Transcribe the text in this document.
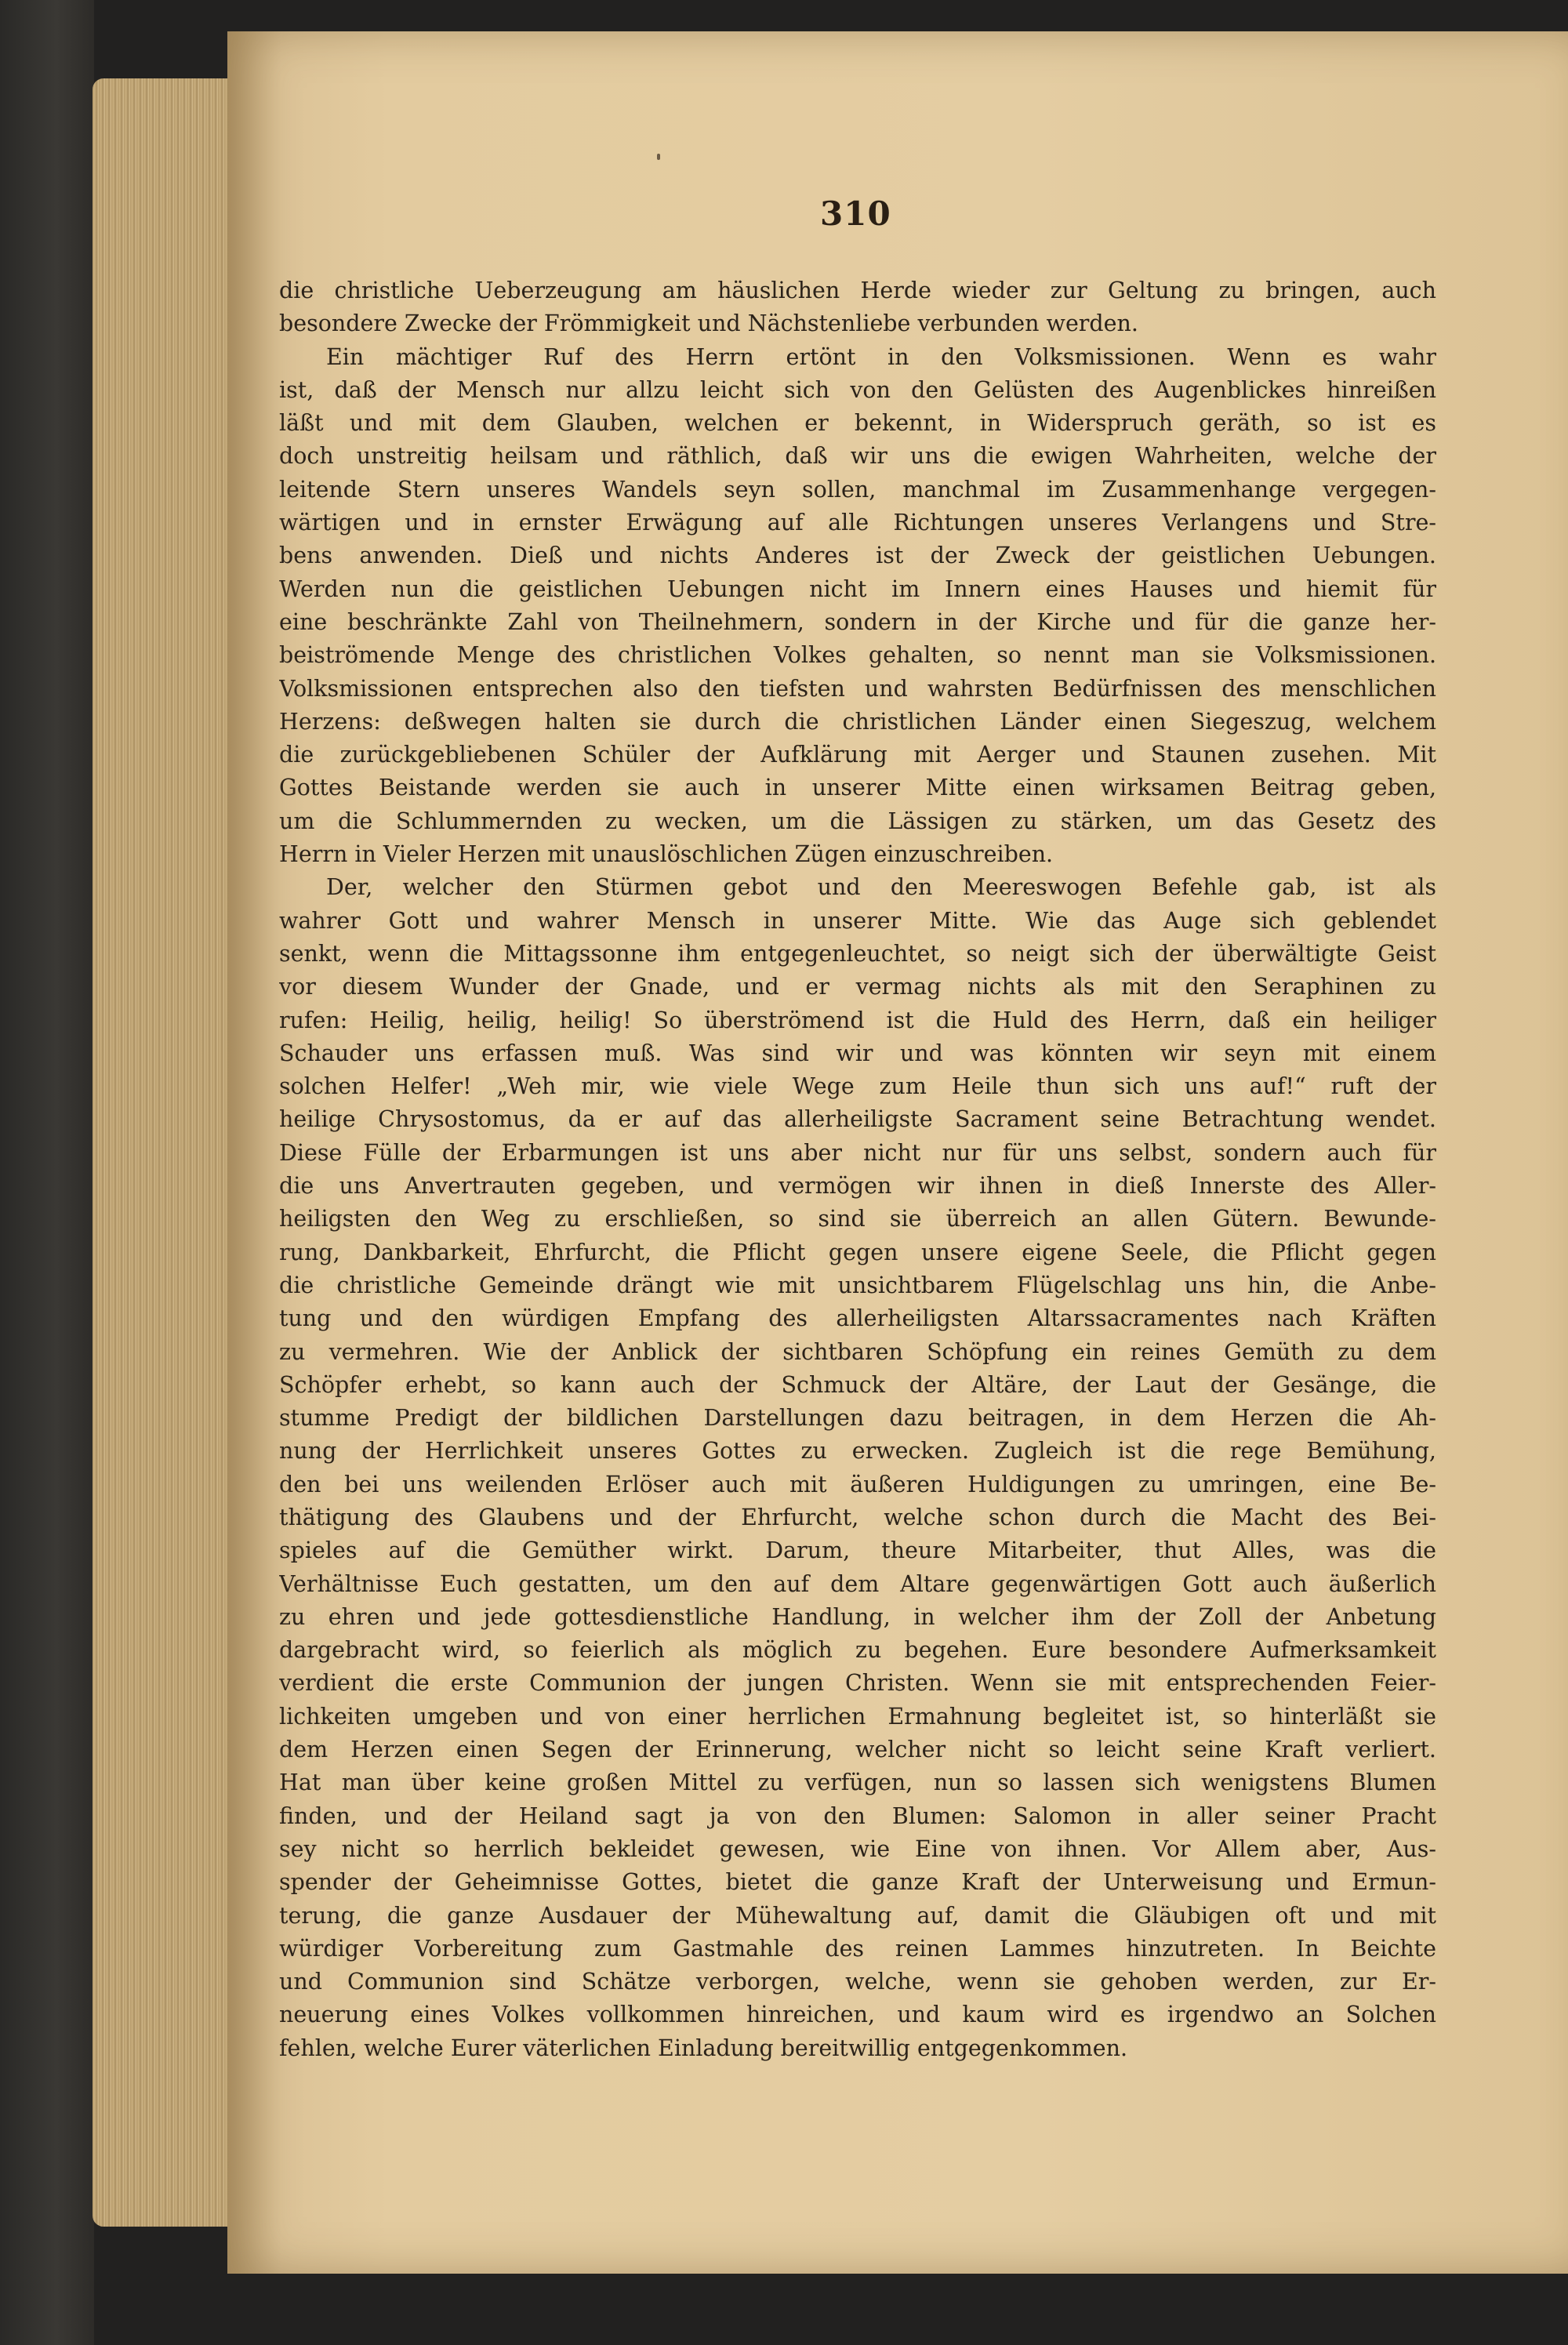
310
die christliche Ueberzeugung am häuslichen Herde wieder zur Geltung zu bringen, auch
besondere Zwecke der Frömmigkeit und Nächstenliebe verbunden werden.
Ein mächtiger Ruf des Herrn ertönt in den Volksmissionen. Wenn es wahr
ist, daß der Mensch nur allzu leicht sich von den Gelüsten des Augenblickes hinreißen
läßt und mit dem Glauben, welchen er bekennt, in Widerspruch geräth, so ist es
doch unstreitig heilsam und räthlich, daß wir uns die ewigen Wahrheiten, welche der
leitende Stern unseres Wandels seyn sollen, manchmal im Zusammenhange vergegen-
wärtigen und in ernster Erwägung auf alle Richtungen unseres Verlangens und Stre-
bens anwenden. Dieß und nichts Anderes ist der Zweck der geistlichen Uebungen.
Werden nun die geistlichen Uebungen nicht im Innern eines Hauses und hiemit für
eine beschränkte Zahl von Theilnehmern, sondern in der Kirche und für die ganze her-
beiströmende Menge des christlichen Volkes gehalten, so nennt man sie Volksmissionen.
Volksmissionen entsprechen also den tiefsten und wahrsten Bedürfnissen des menschlichen
Herzens: deßwegen halten sie durch die christlichen Länder einen Siegeszug, welchem
die zurückgebliebenen Schüler der Aufklärung mit Aerger und Staunen zusehen. Mit
Gottes Beistande werden sie auch in unserer Mitte einen wirksamen Beitrag geben,
um die Schlummernden zu wecken, um die Lässigen zu stärken, um das Gesetz des
Herrn in Vieler Herzen mit unauslöschlichen Zügen einzuschreiben.
Der, welcher den Stürmen gebot und den Meereswogen Befehle gab, ist als
wahrer Gott und wahrer Mensch in unserer Mitte. Wie das Auge sich geblendet
senkt, wenn die Mittagssonne ihm entgegenleuchtet, so neigt sich der überwältigte Geist
vor diesem Wunder der Gnade, und er vermag nichts als mit den Seraphinen zu
rufen: Heilig, heilig, heilig! So überströmend ist die Huld des Herrn, daß ein heiliger
Schauder uns erfassen muß. Was sind wir und was könnten wir seyn mit einem
solchen Helfer! „Weh mir, wie viele Wege zum Heile thun sich uns auf!“ ruft der
heilige Chrysostomus, da er auf das allerheiligste Sacrament seine Betrachtung wendet.
Diese Fülle der Erbarmungen ist uns aber nicht nur für uns selbst, sondern auch für
die uns Anvertrauten gegeben, und vermögen wir ihnen in dieß Innerste des Aller-
heiligsten den Weg zu erschließen, so sind sie überreich an allen Gütern. Bewunde-
rung, Dankbarkeit, Ehrfurcht, die Pflicht gegen unsere eigene Seele, die Pflicht gegen
die christliche Gemeinde drängt wie mit unsichtbarem Flügelschlag uns hin, die Anbe-
tung und den würdigen Empfang des allerheiligsten Altarssacramentes nach Kräften
zu vermehren. Wie der Anblick der sichtbaren Schöpfung ein reines Gemüth zu dem
Schöpfer erhebt, so kann auch der Schmuck der Altäre, der Laut der Gesänge, die
stumme Predigt der bildlichen Darstellungen dazu beitragen, in dem Herzen die Ah-
nung der Herrlichkeit unseres Gottes zu erwecken. Zugleich ist die rege Bemühung,
den bei uns weilenden Erlöser auch mit äußeren Huldigungen zu umringen, eine Be-
thätigung des Glaubens und der Ehrfurcht, welche schon durch die Macht des Bei-
spieles auf die Gemüther wirkt. Darum, theure Mitarbeiter, thut Alles, was die
Verhältnisse Euch gestatten, um den auf dem Altare gegenwärtigen Gott auch äußerlich
zu ehren und jede gottesdienstliche Handlung, in welcher ihm der Zoll der Anbetung
dargebracht wird, so feierlich als möglich zu begehen. Eure besondere Aufmerksamkeit
verdient die erste Communion der jungen Christen. Wenn sie mit entsprechenden Feier-
lichkeiten umgeben und von einer herrlichen Ermahnung begleitet ist, so hinterläßt sie
dem Herzen einen Segen der Erinnerung, welcher nicht so leicht seine Kraft verliert.
Hat man über keine großen Mittel zu verfügen, nun so lassen sich wenigstens Blumen
finden, und der Heiland sagt ja von den Blumen: Salomon in aller seiner Pracht
sey nicht so herrlich bekleidet gewesen, wie Eine von ihnen. Vor Allem aber, Aus-
spender der Geheimnisse Gottes, bietet die ganze Kraft der Unterweisung und Ermun-
terung, die ganze Ausdauer der Mühewaltung auf, damit die Gläubigen oft und mit
würdiger Vorbereitung zum Gastmahle des reinen Lammes hinzutreten. In Beichte
und Communion sind Schätze verborgen, welche, wenn sie gehoben werden, zur Er-
neuerung eines Volkes vollkommen hinreichen, und kaum wird es irgendwo an Solchen
fehlen, welche Eurer väterlichen Einladung bereitwillig entgegenkommen.
